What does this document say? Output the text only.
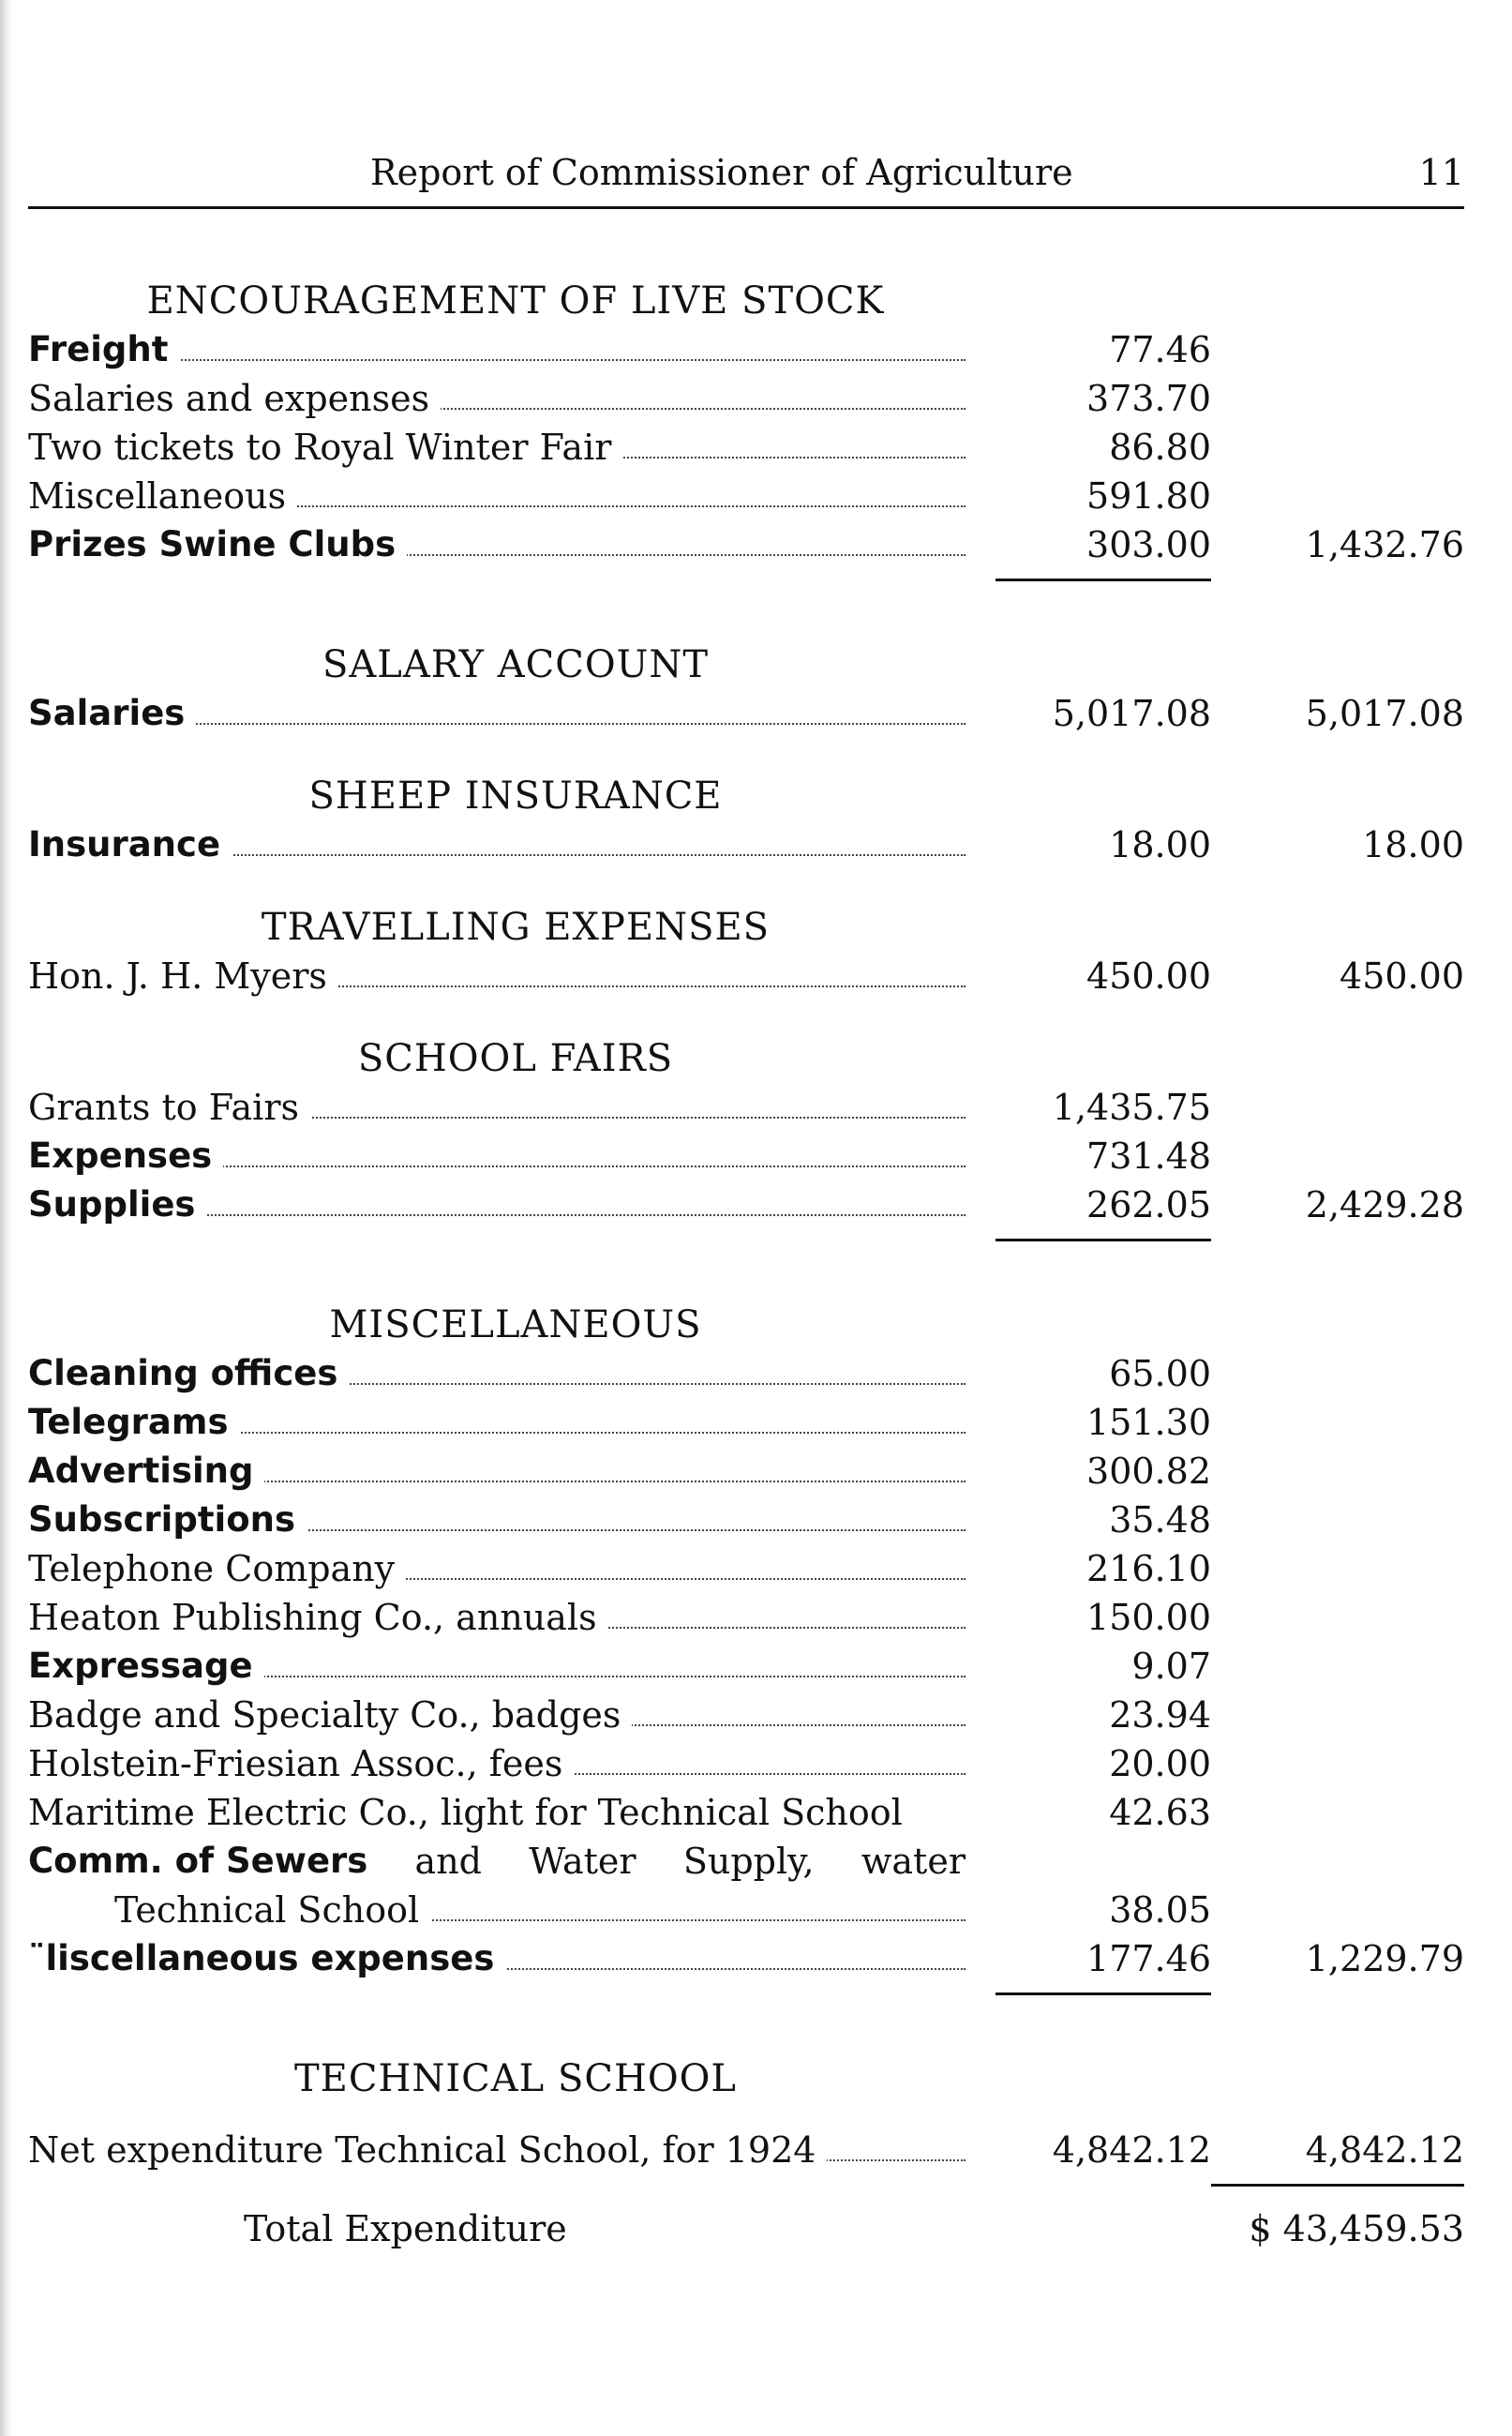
Report of Commissioner of Agriculture	11
ENCOURAGEMENT OF LIVE STOCK
Freight	77.46
Salaries and expenses	373.70
Two tickets to Royal Winter Fair	86.80
Miscellaneous	591.80
Prizes Swine Clubs	303.00	1,432.76
SALARY ACCOUNT
Salaries	5,017.08	5,017.08
SHEEP INSURANCE
Insurance	18.00	18.00
TRAVELLING EXPENSES
Hon. J. H. Myers	450.00	450.00
SCHOOL FAIRS
Grants to Fairs	1,435.75
Expenses	731.48
Supplies	262.05	2,429.28
MISCELLANEOUS
Cleaning offices	65.00
Telegrams	151.30
Advertising	300.82
Subscriptions	35.48
Telephone Company	216.10
Heaton Publishing Co., annuals	150.00
Expressage	9.07
Badge and Specialty Co., badges	23.94
Holstein-Friesian Assoc., fees	20.00
Maritime Electric Co., light for Technical School	42.63
Comm. of Sewers and Water Supply, water
Technical School	38.05
¨liscellaneous expenses	177.46	1,229.79
TECHNICAL SCHOOL
Net expenditure Technical School, for 1924	4,842.12	4,842.12
Total Expenditure	$ 43,459.53
